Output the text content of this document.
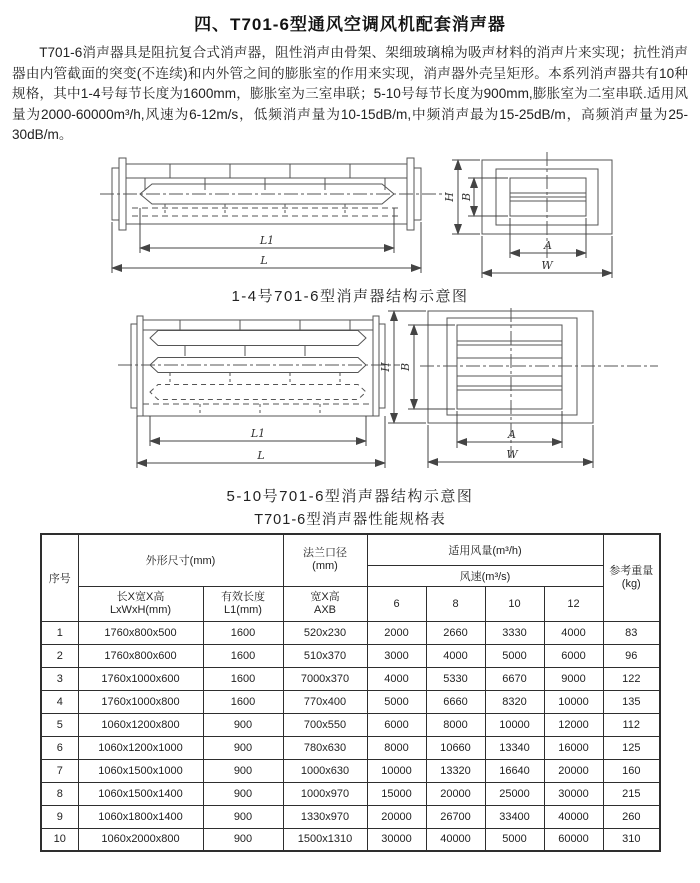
四、T701-6型通风空调风机配套消声器

T701-6消声器具是阻抗复合式消声器，阻性消声由骨架、架细玻璃棉为吸声材料的消声片来实现；抗性消声器由内管截面的突变(不连续)和内外管之间的膨胀室的作用来实现，消声器外壳呈矩形。本系列消声器共有10种规格，其中1-4号每节长度为1600mm，膨胀室为三室串联；5-10号每节长度为900mm,膨胀室为二室串联.适用风量为2000-60000m³/h,风速为6-12m/s，低频消声量为10-15dB/m,中频消声最为15-25dB/m，高频消声量为25-30dB/m。

L1
L
H B
A
W
1-4号701-6型消声器结构示意图
L1
L
H B
A
W
5-10号701-6型消声器结构示意图
T701-6型消声器性能规格表
序号	外形尺寸(mm)		法兰口径
(mm)	适用风量(m³/h)				参考重量
(kg)

				风速(m³/s)				

	长X宽X高
LxWxH(mm)	有效长度
L1(mm)	宽X高
AXB	6	8	10	12	
1	1760x800x500	1600	520x230	2000	2660	3330	4000	83
2	1760x800x600	1600	510x370	3000	4000	5000	6000	96
3	1760x1000x600	1600	7000x370	4000	5330	6670	9000	122
4	1760x1000x800	1600	770x400	5000	6660	8320	10000	135
5	1060x1200x800	900	700x550	6000	8000	10000	12000	112
6	1060x1200x1000	900	780x630	8000	10660	13340	16000	125
7	1060x1500x1000	900	1000x630	10000	13320	16640	20000	160
8	1060x1500x1400	900	1000x970	15000	20000	25000	30000	215
9	1060x1800x1400	900	1330x970	20000	26700	33400	40000	260
10	1060x2000x800	900	1500x1310	30000	40000	5000	60000	310
